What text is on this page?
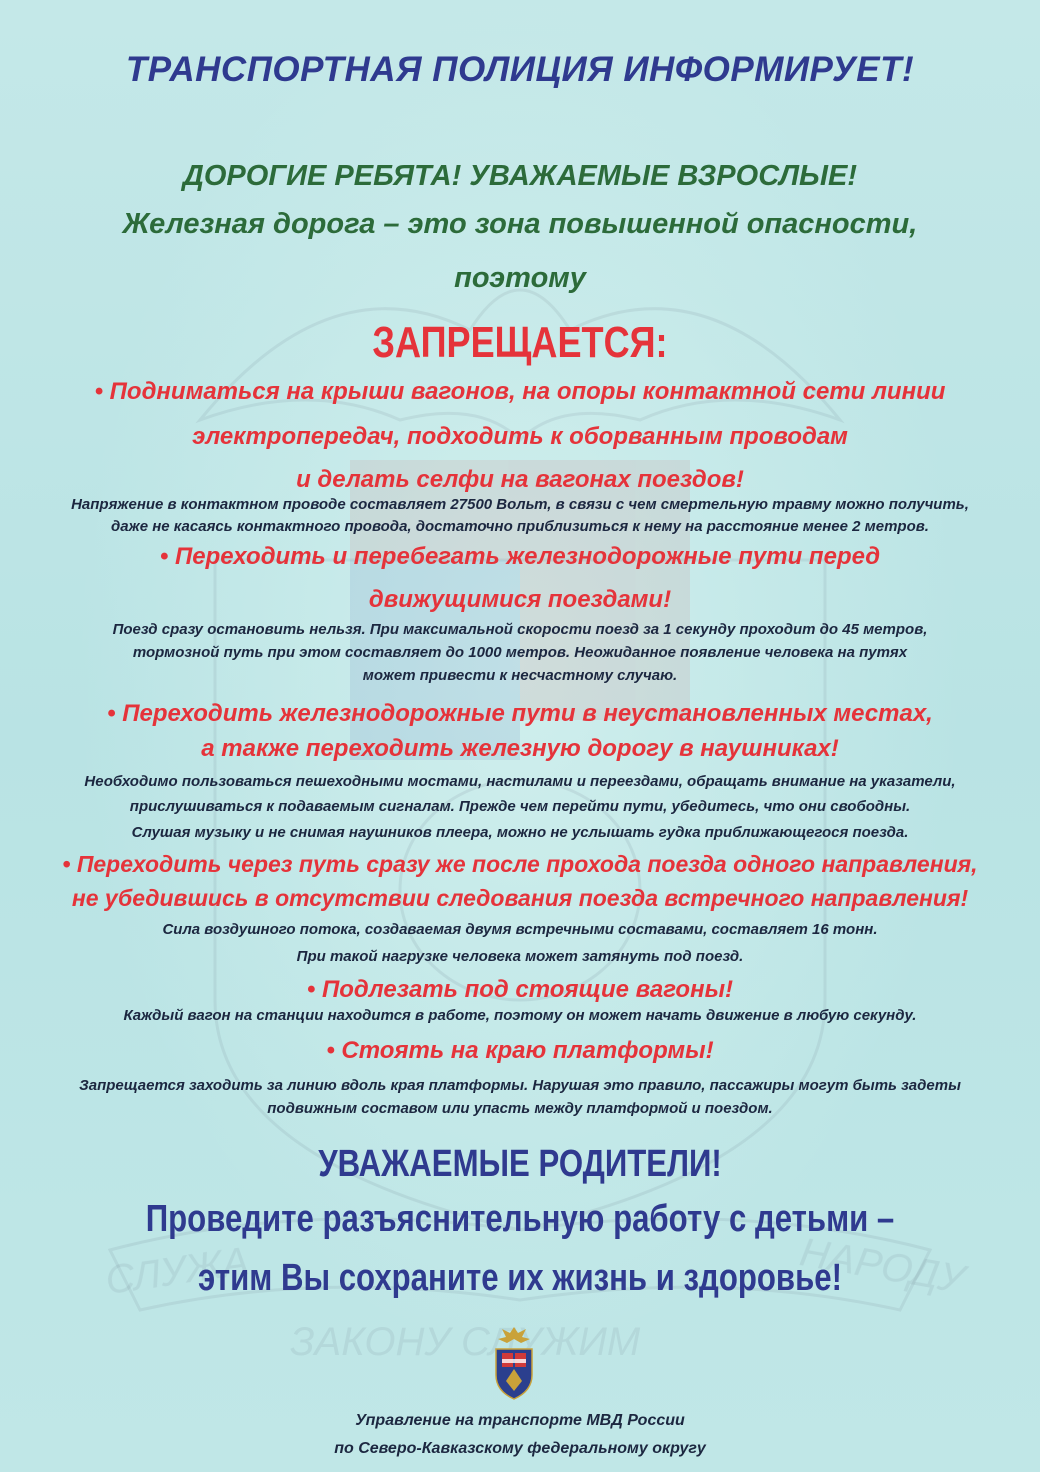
СЛУЖА	НАРОДУ
ЗАКОНУ СЛУЖИМ
ТРАНСПОРТНАЯ ПОЛИЦИЯ ИНФОРМИРУЕТ!
ДОРОГИЕ РЕБЯТА! УВАЖАЕМЫЕ ВЗРОСЛЫЕ!
Железная дорога – это зона повышенной опасности,
поэтому
ЗАПРЕЩАЕТСЯ:
• Подниматься на крыши вагонов, на опоры контактной сети линии
электропередач, подходить к оборванным проводам
и делать селфи на вагонах поездов!
Напряжение в контактном проводе составляет 27500 Вольт, в связи с чем смертельную травму можно получить,
даже не касаясь контактного провода, достаточно приблизиться к нему на расстояние менее 2 метров.
• Переходить и перебегать железнодорожные пути перед
движущимися поездами!
Поезд сразу остановить нельзя. При максимальной скорости поезд за 1 секунду проходит до 45 метров,
тормозной путь при этом составляет до 1000 метров. Неожиданное появление человека на путях
может привести к несчастному случаю.
• Переходить железнодорожные пути в неустановленных местах,
а также переходить железную дорогу в наушниках!
Необходимо пользоваться пешеходными мостами, настилами и переездами, обращать внимание на указатели,
прислушиваться к подаваемым сигналам. Прежде чем перейти пути, убедитесь, что они свободны.
Слушая музыку и не снимая наушников плеера, можно не услышать гудка приближающегося поезда.
• Переходить через путь сразу же после прохода поезда одного направления,
не убедившись в отсутствии следования поезда встречного направления!
Сила воздушного потока, создаваемая двумя встречными составами, составляет 16 тонн.
При такой нагрузке человека может затянуть под поезд.
• Подлезать под стоящие вагоны!
Каждый вагон на станции находится в работе, поэтому он может начать движение в любую секунду.
• Стоять на краю платформы!
Запрещается заходить за линию вдоль края платформы. Нарушая это правило, пассажиры могут быть задеты
подвижным составом или упасть между платформой и поездом.
УВАЖАЕМЫЕ РОДИТЕЛИ!
Проведите разъяснительную работу с детьми –
этим Вы сохраните их жизнь и здоровье!
Управление на транспорте МВД России
по Северо-Кавказскому федеральному округу
